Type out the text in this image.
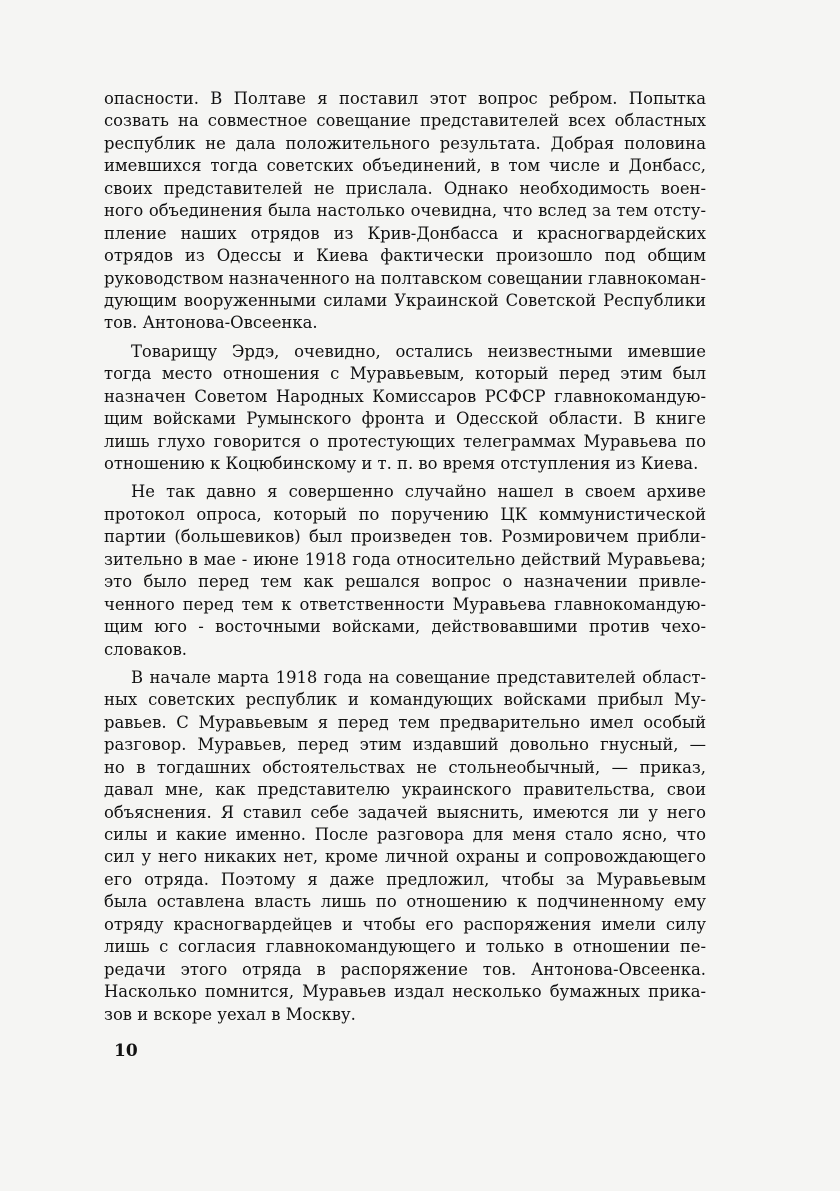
опасности. В Полтаве я поставил этот вопрос ребром. Попытка
созвать на совместное совещание представителей всех областных
республик не дала положительного результата. Добрая половина
имевшихся тогда советских объединений, в том числе и Донбасс,
своих представителей не прислала. Однако необходимость воен-
ного объединения была настолько очевидна, что вслед за тем отсту-
пление наших отрядов из Крив-Донбасса и красногвардейских
отрядов из Одессы и Киева фактически произошло под общим
руководством назначенного на полтавском совещании главнокоман-
дующим вооруженными силами Украинской Советской Республики
тов. Антонова-Овсеенка.
Товарищу Эрдэ, очевидно, остались неизвестными имевшие
тогда место отношения с Муравьевым, который перед этим был
назначен Советом Народных Комиссаров РСФСР главнокомандую-
щим войсками Румынского фронта и Одесской области. В книге
лишь глухо говорится о протестующих телеграммах Муравьева по
отношению к Коцюбинскому и т. п. во время отступления из Киева.
Не так давно я совершенно случайно нашел в своем архиве
протокол опроса, который по поручению ЦК коммунистической
партии (большевиков) был произведен тов. Розмировичем прибли-
зительно в мае - июне 1918 года относительно действий Муравьева;
это было перед тем как решался вопрос о назначении привле-
ченного перед тем к ответственности Муравьева главнокомандую-
щим юго - восточными войсками, действовавшими против чехо-
словаков.
В начале марта 1918 года на совещание представителей област-
ных советских республик и командующих войсками прибыл Му-
равьев. С Муравьевым я перед тем предварительно имел особый
разговор. Муравьев, перед этим издавший довольно гнусный, —
но в тогдашних обстоятельствах не стольнеобычный, — приказ,
давал мне, как представителю украинского правительства, свои
объяснения. Я ставил себе задачей выяснить, имеются ли у него
силы и какие именно. После разговора для меня стало ясно, что
сил у него никаких нет, кроме личной охраны и сопровождающего
его отряда. Поэтому я даже предложил, чтобы за Муравьевым
была оставлена власть лишь по отношению к подчиненному ему
отряду красногвардейцев и чтобы его распоряжения имели силу
лишь с согласия главнокомандующего и только в отношении пе-
редачи этого отряда в распоряжение тов. Антонова-Овсеенка.
Насколько помнится, Муравьев издал несколько бумажных прика-
зов и вскоре уехал в Москву.
10
